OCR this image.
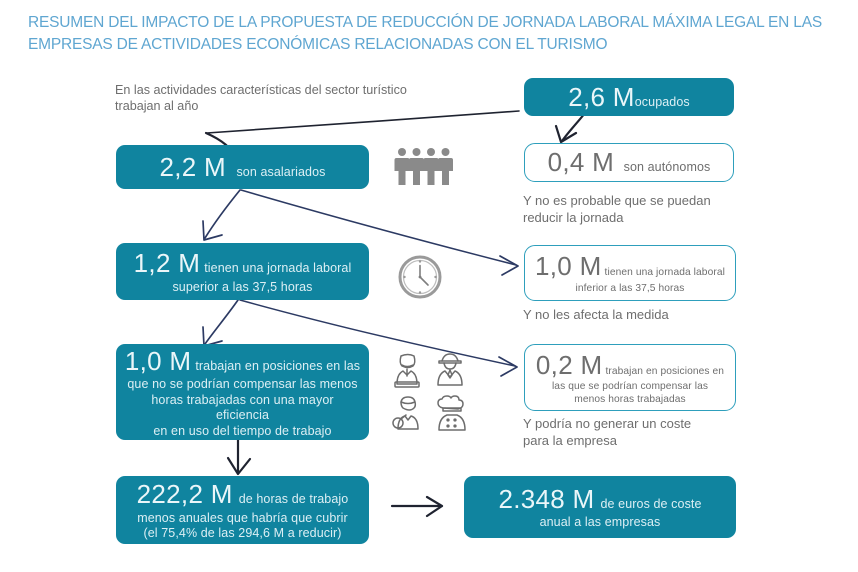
RESUMEN DEL IMPACTO DE LA PROPUESTA DE REDUCCIÓN DE JORNADA LABORAL MÁXIMA LEGAL EN LAS EMPRESAS DE ACTIVIDADES ECONÓMICAS RELACIONADAS CON EL TURISMO
En las actividades características del sector turístico trabajan al año	2,6 Mocupados
2,2 M son asalariados	0,4 M son autónomos
Y no es probable que se puedan
reducir la jornada
1,2 M tienen una jornada laboral
superior a las 37,5 horas
1,0 M tienen una jornada laboral
inferior a las 37,5 horas
Y no les afecta la medida
1,0 M trabajan en posiciones en las
que no se podrían compensar las menos
horas trabajadas con una mayor eficiencia
en en uso del tiempo de trabajo
0,2 M trabajan en posiciones en
las que se podrían compensar las
menos horas trabajadas
Y podría no generar un coste
para la empresa
222,2 M de horas de trabajo
menos anuales que habría que cubrir
(el 75,4% de las 294,6 M a reducir)
2.348 M de euros de coste
anual a las empresas
